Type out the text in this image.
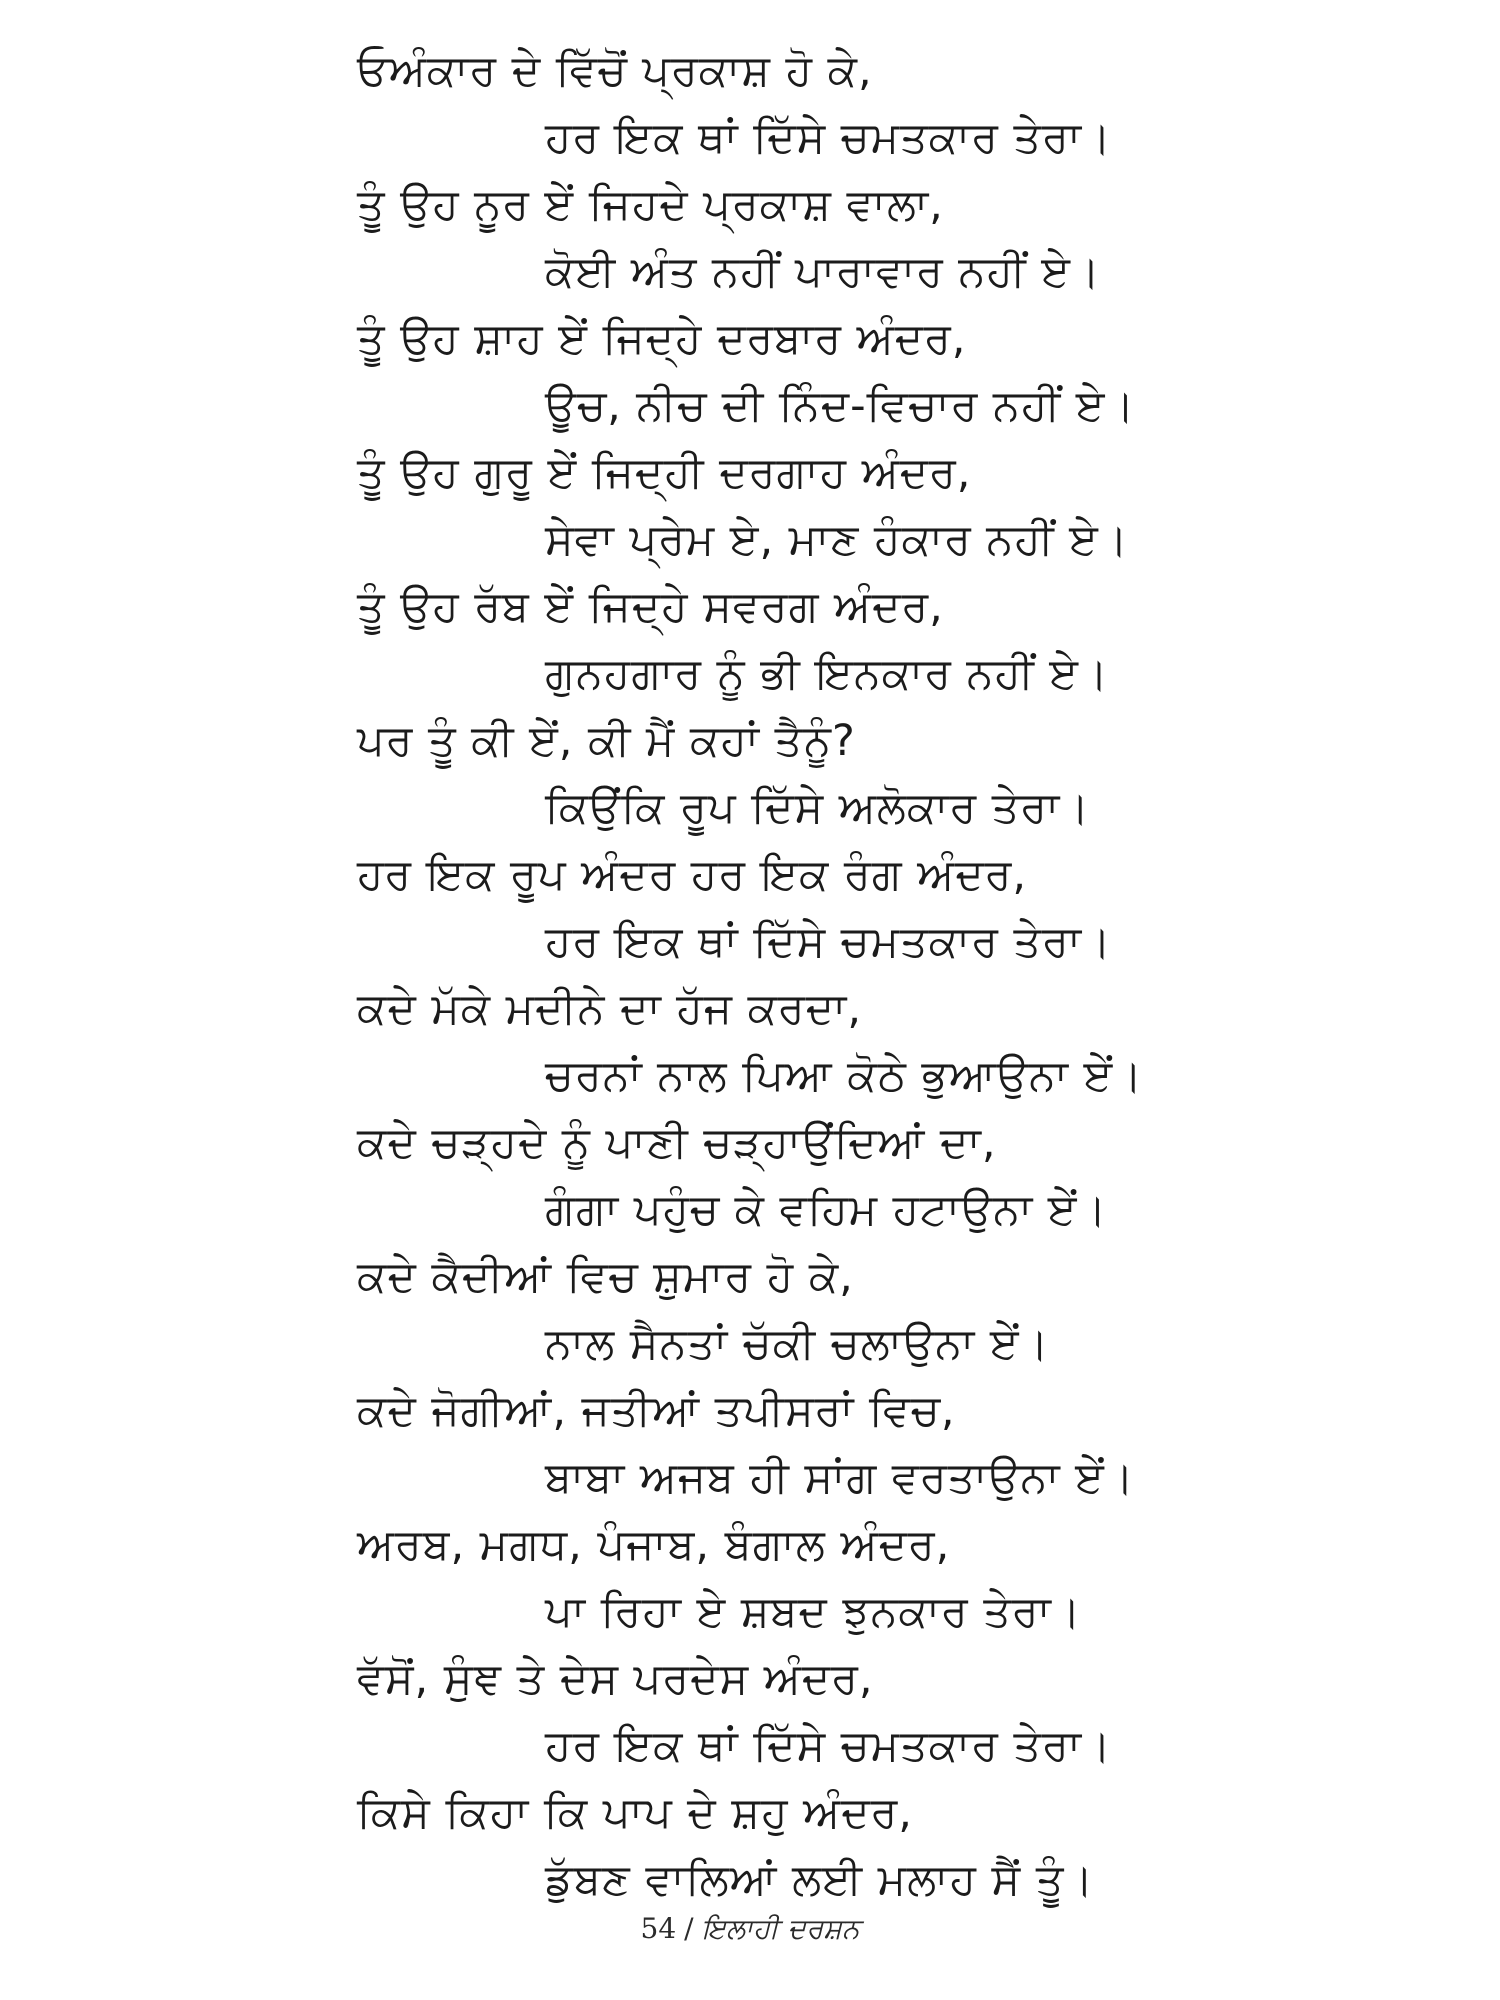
ਓਅੰਕਾਰ ਦੇ ਵਿੱਚੋਂ ਪ੍ਰਕਾਸ਼ ਹੋ ਕੇ,
ਹਰ ਇਕ ਥਾਂ ਦਿੱਸੇ ਚਮਤਕਾਰ ਤੇਰਾ।
ਤੂੰ ਉਹ ਨੂਰ ਏਂ ਜਿਹਦੇ ਪ੍ਰਕਾਸ਼ ਵਾਲਾ,
ਕੋਈ ਅੰਤ ਨਹੀਂ ਪਾਰਾਵਾਰ ਨਹੀਂ ਏ।
ਤੂੰ ਉਹ ਸ਼ਾਹ ਏਂ ਜਿਦ੍ਹੇ ਦਰਬਾਰ ਅੰਦਰ,
ਊਚ, ਨੀਚ ਦੀ ਨਿੰਦ-ਵਿਚਾਰ ਨਹੀਂ ਏ।
ਤੂੰ ਉਹ ਗੁਰੂ ਏਂ ਜਿਦ੍ਹੀ ਦਰਗਾਹ ਅੰਦਰ,
ਸੇਵਾ ਪ੍ਰੇਮ ਏ, ਮਾਣ ਹੰਕਾਰ ਨਹੀਂ ਏ।
ਤੂੰ ਉਹ ਰੱਬ ਏਂ ਜਿਦ੍ਹੇ ਸਵਰਗ ਅੰਦਰ,
ਗੁਨਹਗਾਰ ਨੂੰ ਭੀ ਇਨਕਾਰ ਨਹੀਂ ਏ।
ਪਰ ਤੂੰ ਕੀ ਏਂ, ਕੀ ਮੈਂ ਕਹਾਂ ਤੈਨੂੰ?
ਕਿਉਂਕਿ ਰੂਪ ਦਿੱਸੇ ਅਲੋਕਾਰ ਤੇਰਾ।
ਹਰ ਇਕ ਰੂਪ ਅੰਦਰ ਹਰ ਇਕ ਰੰਗ ਅੰਦਰ,
ਹਰ ਇਕ ਥਾਂ ਦਿੱਸੇ ਚਮਤਕਾਰ ਤੇਰਾ।
ਕਦੇ ਮੱਕੇ ਮਦੀਨੇ ਦਾ ਹੱਜ ਕਰਦਾ,
ਚਰਨਾਂ ਨਾਲ ਪਿਆ ਕੋਠੇ ਭੁਆਉਨਾ ਏਂ।
ਕਦੇ ਚੜ੍ਹਦੇ ਨੂੰ ਪਾਣੀ ਚੜ੍ਹਾਉਂਦਿਆਂ ਦਾ,
ਗੰਗਾ ਪਹੁੰਚ ਕੇ ਵਹਿਮ ਹਟਾਉਨਾ ਏਂ।
ਕਦੇ ਕੈਦੀਆਂ ਵਿਚ ਸ਼ੁਮਾਰ ਹੋ ਕੇ,
ਨਾਲ ਸੈਨਤਾਂ ਚੱਕੀ ਚਲਾਉਨਾ ਏਂ।
ਕਦੇ ਜੋਗੀਆਂ, ਜਤੀਆਂ ਤਪੀਸਰਾਂ ਵਿਚ,
ਬਾਬਾ ਅਜਬ ਹੀ ਸਾਂਗ ਵਰਤਾਉਨਾ ਏਂ।
ਅਰਬ, ਮਗਧ, ਪੰਜਾਬ, ਬੰਗਾਲ ਅੰਦਰ,
ਪਾ ਰਿਹਾ ਏ ਸ਼ਬਦ ਝੁਨਕਾਰ ਤੇਰਾ।
ਵੱਸੋਂ, ਸੁੰਞ ਤੇ ਦੇਸ ਪਰਦੇਸ ਅੰਦਰ,
ਹਰ ਇਕ ਥਾਂ ਦਿੱਸੇ ਚਮਤਕਾਰ ਤੇਰਾ।
ਕਿਸੇ ਕਿਹਾ ਕਿ ਪਾਪ ਦੇ ਸ਼ਹੁ ਅੰਦਰ,
ਡੁੱਬਣ ਵਾਲਿਆਂ ਲਈ ਮਲਾਹ ਸੈਂ ਤੂੰ।
54 / ਇਲਾਹੀ ਦਰਸ਼ਨ
